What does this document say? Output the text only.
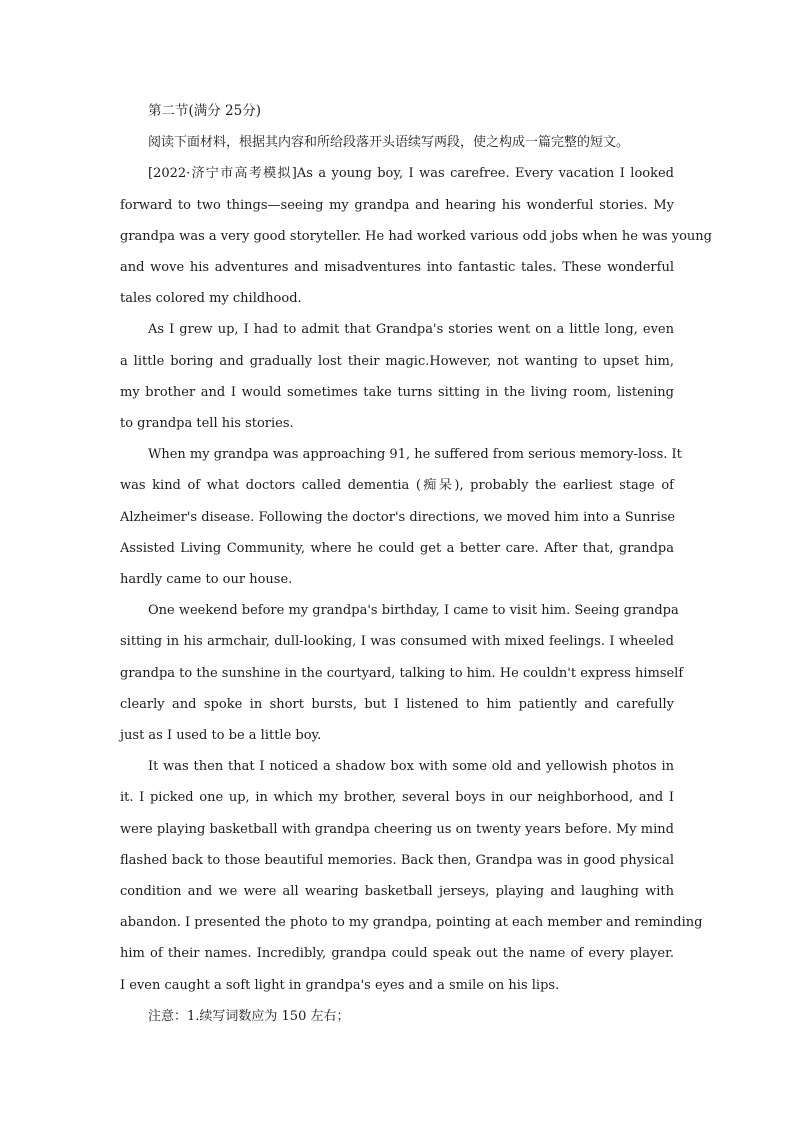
第二节(满分 25分)

阅读下面材料，根据其内容和所给段落开头语续写两段，使之构成一篇完整的短文。

[2022·济宁市高考模拟]As a young boy, I was carefree. Every vacation I looked

forward to two things—seeing my grandpa and hearing his wonderful stories. My

grandpa was a very good storyteller. He had worked various odd jobs when he was young

and wove his adventures and misadventures into fantastic tales. These wonderful

tales colored my childhood.

As I grew up, I had to admit that Grandpa's stories went on a little long, even

a little boring and gradually lost their magic.However, not wanting to upset him,

my brother and I would sometimes take turns sitting in the living room, listening

to grandpa tell his stories.

When my grandpa was approaching 91, he suffered from serious memory-loss. It

was kind of what doctors called dementia (痴呆), probably the earliest stage of

Alzheimer's disease. Following the doctor's directions, we moved him into a Sunrise

Assisted Living Community, where he could get a better care. After that, grandpa

hardly came to our house.

One weekend before my grandpa's birthday, I came to visit him. Seeing grandpa

sitting in his armchair, dull-looking, I was consumed with mixed feelings. I wheeled

grandpa to the sunshine in the courtyard, talking to him. He couldn't express himself

clearly and spoke in short bursts, but I listened to him patiently and carefully

just as I used to be a little boy.

It was then that I noticed a shadow box with some old and yellowish photos in

it. I picked one up, in which my brother, several boys in our neighborhood, and I

were playing basketball with grandpa cheering us on twenty years before. My mind

flashed back to those beautiful memories. Back then, Grandpa was in good physical

condition and we were all wearing basketball jerseys, playing and laughing with

abandon. I presented the photo to my grandpa, pointing at each member and reminding

him of their names. Incredibly, grandpa could speak out the name of every player.

I even caught a soft light in grandpa's eyes and a smile on his lips.

注意：1.续写词数应为 150 左右；
